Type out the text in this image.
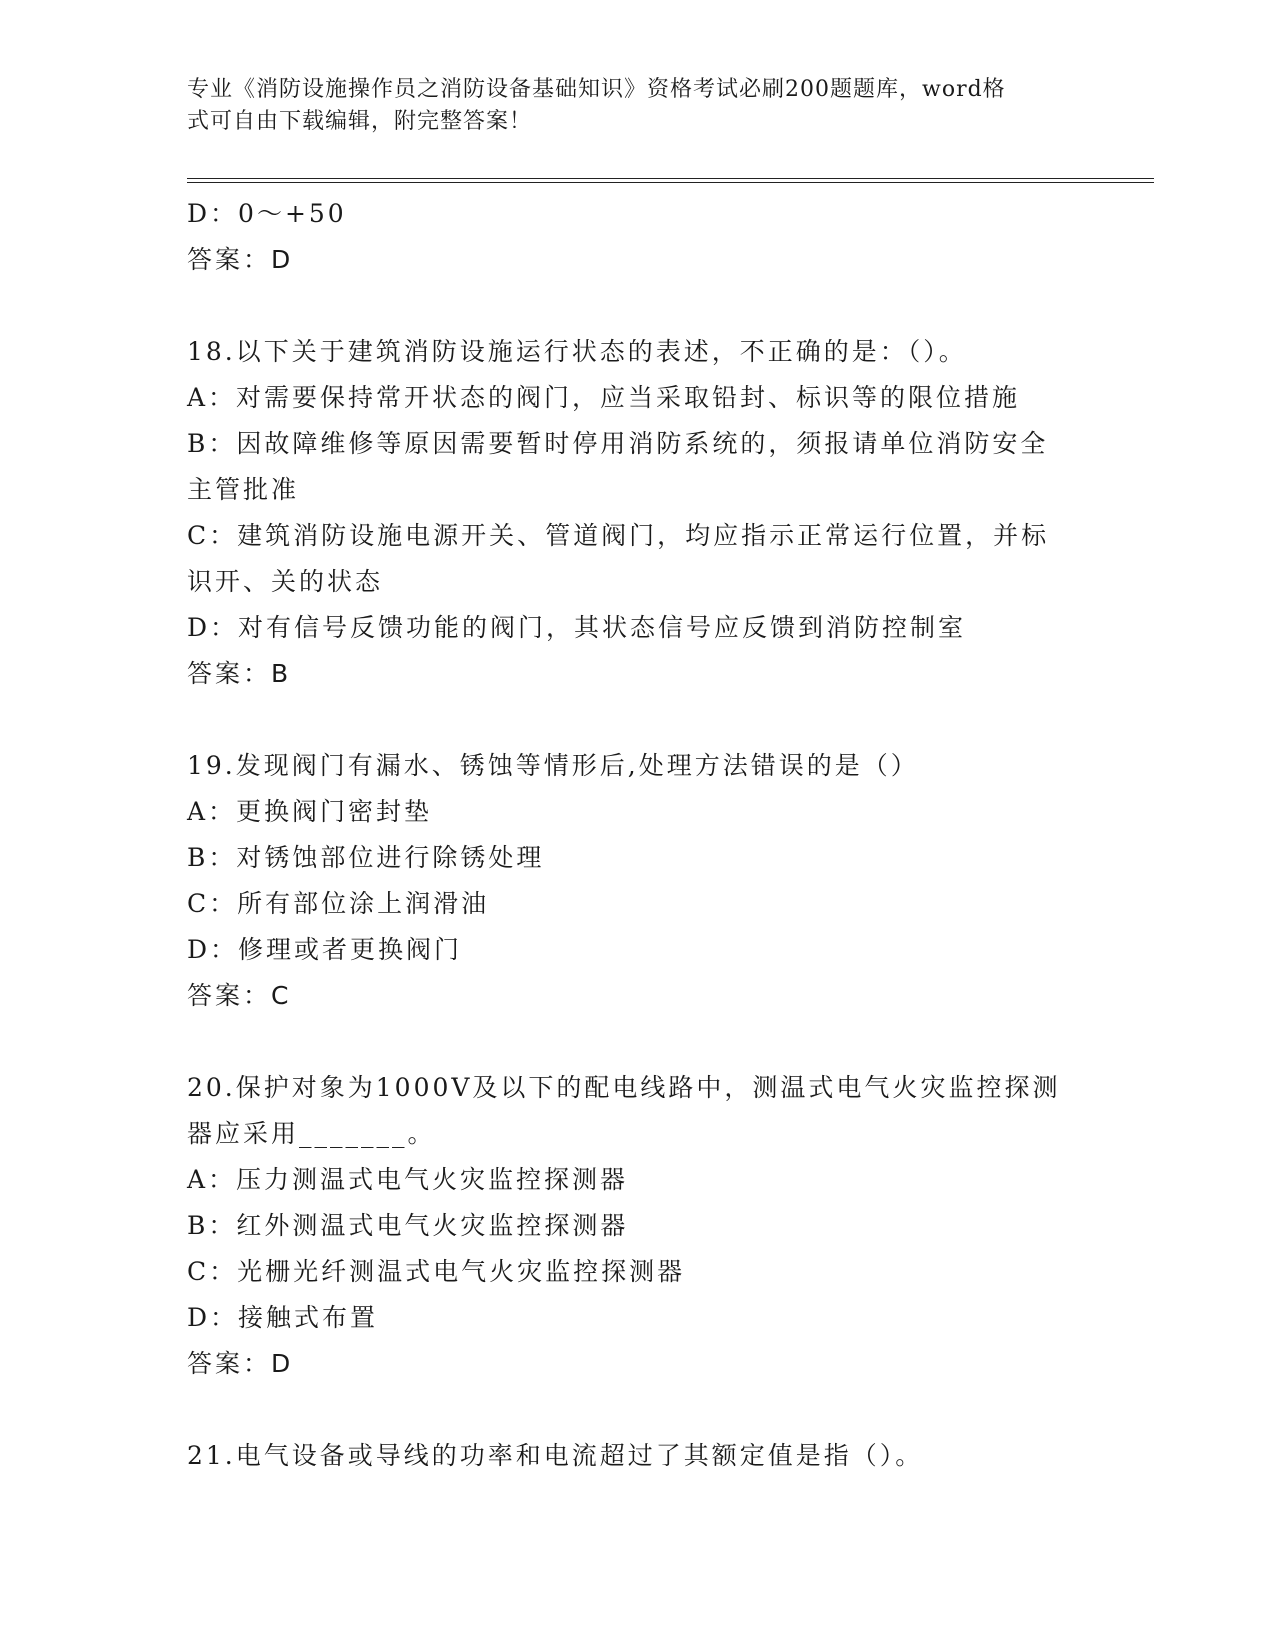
专业《消防设施操作员之消防设备基础知识》资格考试必刷200题题库，word格
式可自由下载编辑，附完整答案！

D：0～+50

答案：D

18.以下关于建筑消防设施运行状态的表述，不正确的是：（）。

A：对需要保持常开状态的阀门，应当采取铅封、标识等的限位措施

B：因故障维修等原因需要暂时停用消防系统的，须报请单位消防安全

主管批准

C：建筑消防设施电源开关、管道阀门，均应指示正常运行位置，并标

识开、关的状态

D：对有信号反馈功能的阀门，其状态信号应反馈到消防控制室

答案：B

19.发现阀门有漏水、锈蚀等情形后,处理方法错误的是（）

A：更换阀门密封垫

B：对锈蚀部位进行除锈处理

C：所有部位涂上润滑油

D：修理或者更换阀门

答案：C

20.保护对象为1000V及以下的配电线路中，测温式电气火灾监控探测

器应采用_______。

A：压力测温式电气火灾监控探测器

B：红外测温式电气火灾监控探测器

C：光栅光纤测温式电气火灾监控探测器

D：接触式布置

答案：D

21.电气设备或导线的功率和电流超过了其额定值是指（）。
